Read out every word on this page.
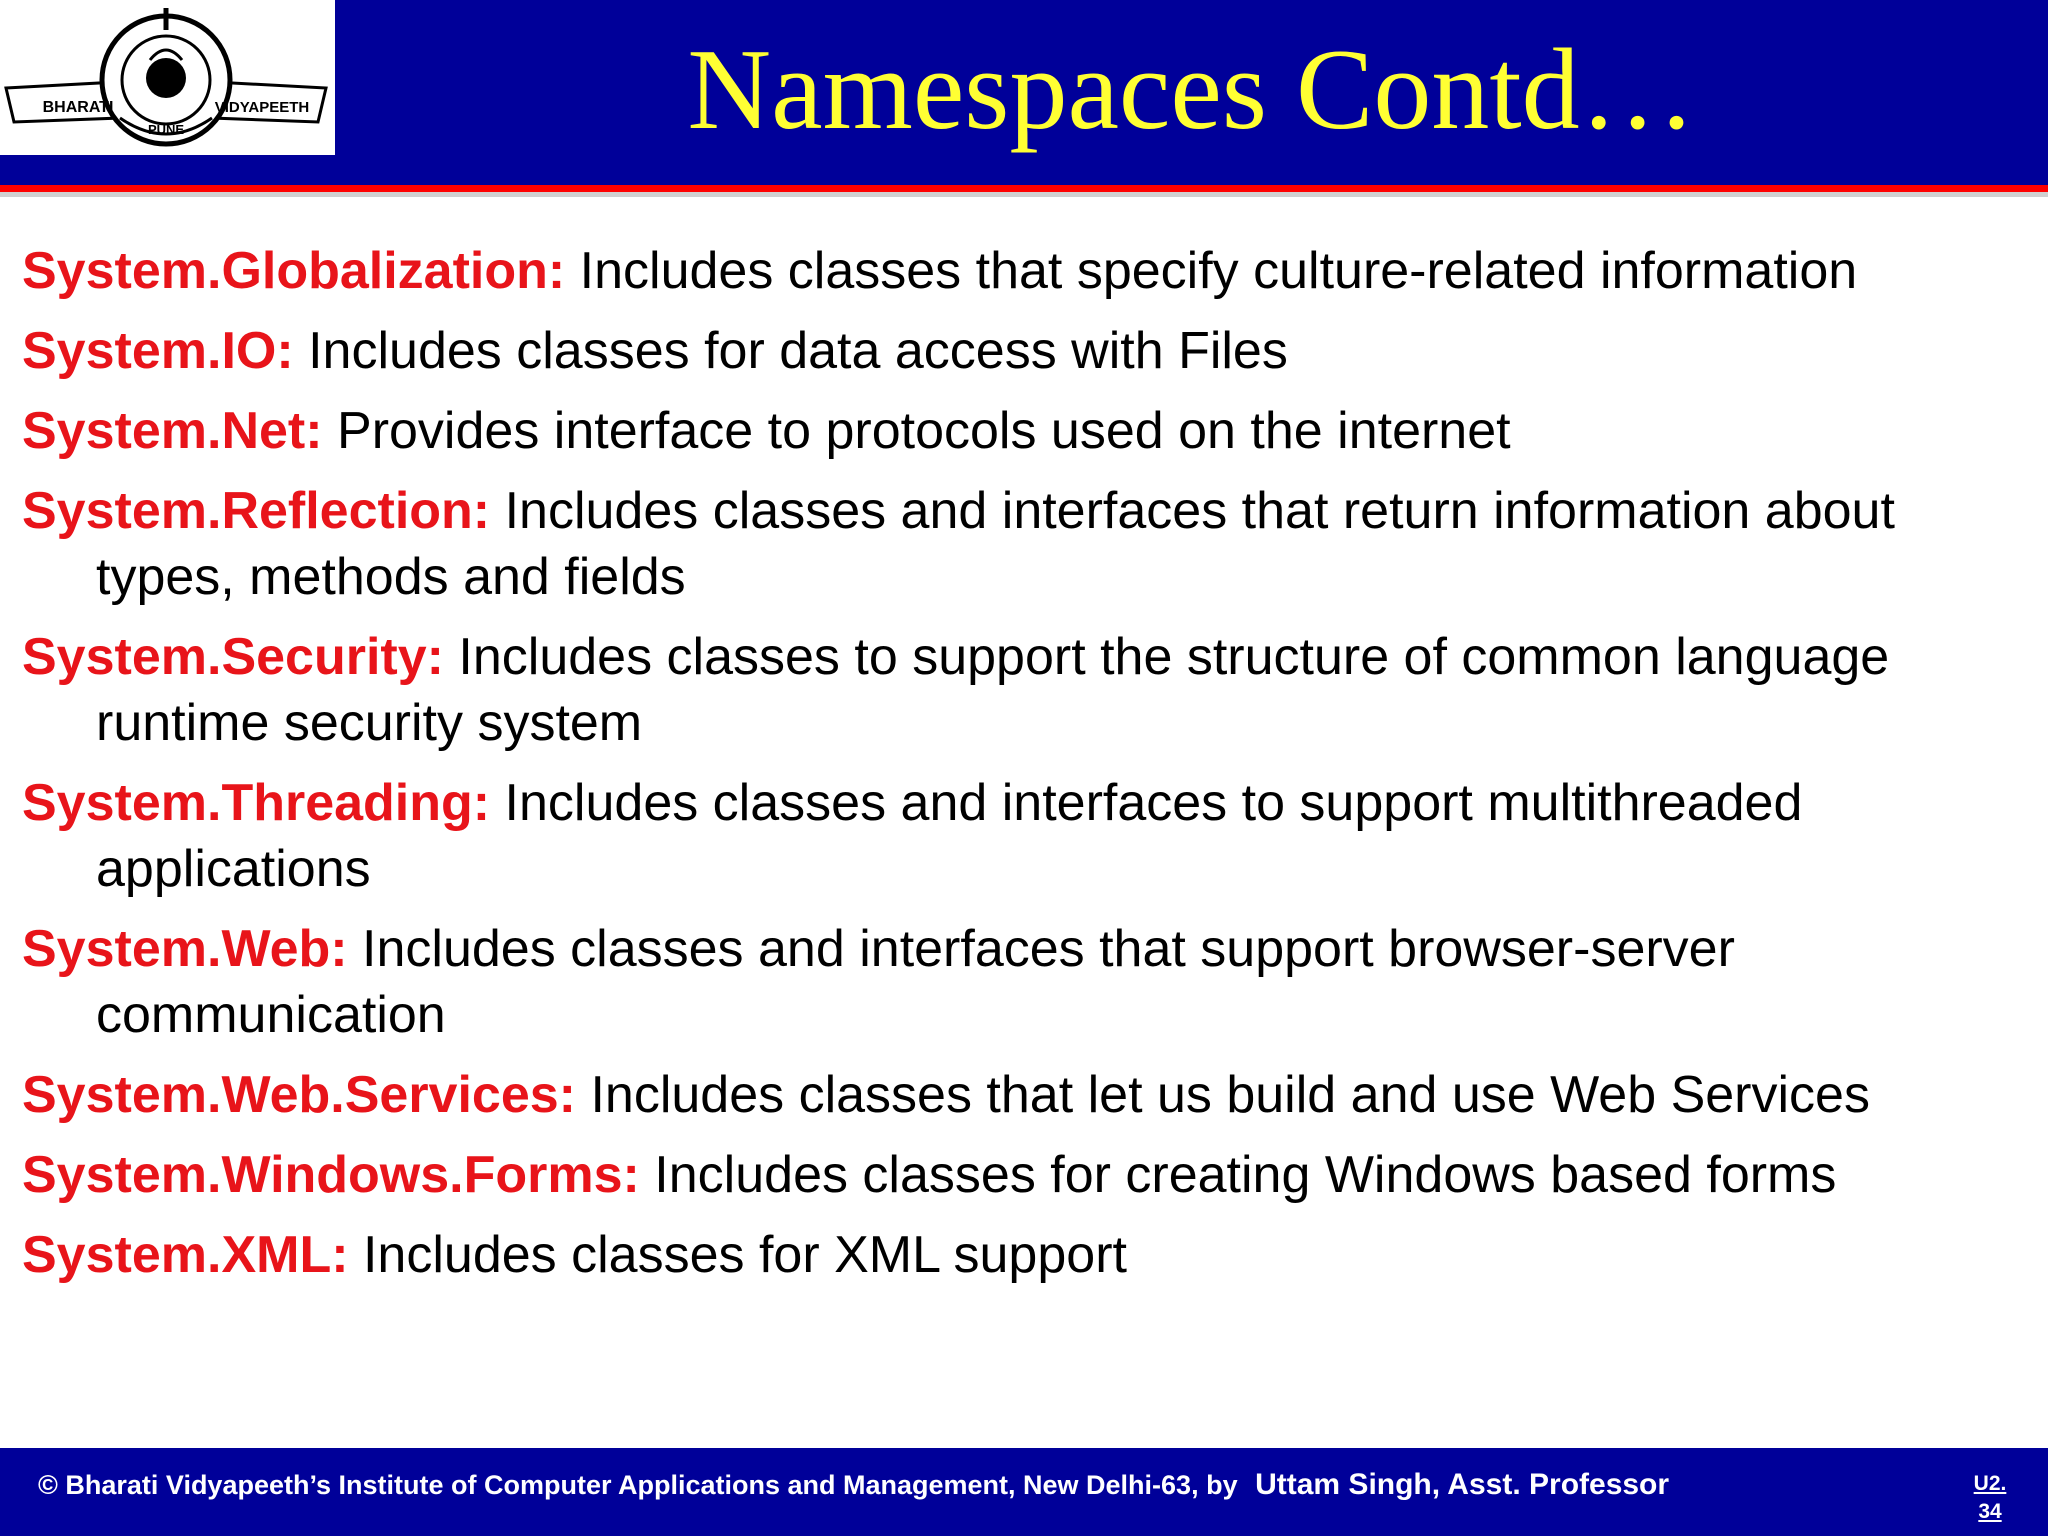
BHARATI	VIDYAPEETH
PUNE	Namespaces Contd…
System.Globalization: Includes classes that specify culture-related information
System.IO: Includes classes for data access with Files
System.Net: Provides interface to protocols used on the internet
System.Reflection: Includes classes and interfaces that return information about types, methods and fields
System.Security: Includes classes to support the structure of common language runtime security system
System.Threading: Includes classes and interfaces to support multithreaded applications
System.Web: Includes classes and interfaces that support browser-server communication
System.Web.Services: Includes classes that let us build and use Web Services
System.Windows.Forms: Includes classes for creating Windows based forms
System.XML: Includes classes for XML support
© Bharati Vidyapeeth’s Institute of Computer Applications and Management, New Delhi-63, by Uttam Singh, Asst. Professor	U2.
34
